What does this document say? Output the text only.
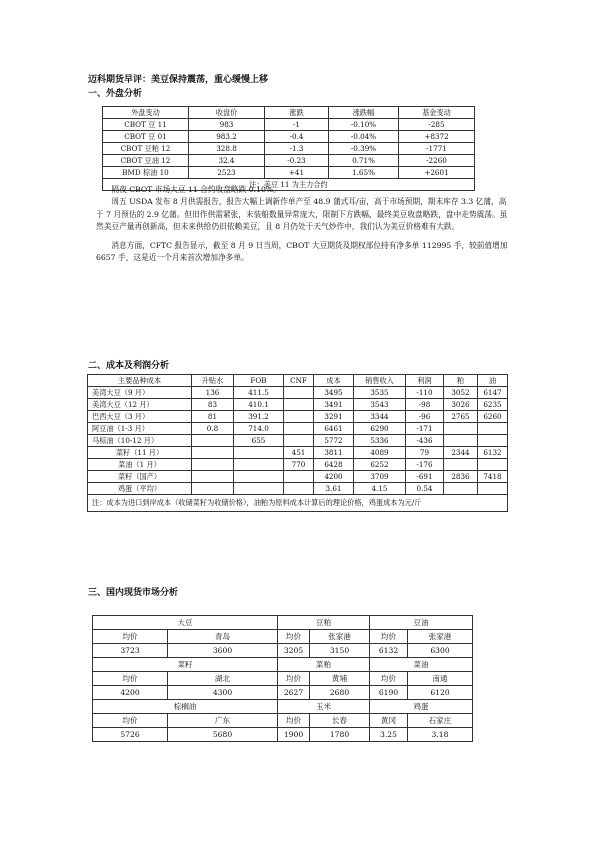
迈科期货早评：美豆保持震荡，重心缓慢上移
一、外盘分析
外盘变动	收盘价	涨跌	涨跌幅	基金变动
CBOT 豆 11	983	-1	-0.10%	-285
CBOT 豆 01	983.2	-0.4	-0.04%	+8372
CBOT 豆粕 12	328.8	-1.3	-0.39%	-1771
CBOT 豆油 12	32.4	-0.23	0.71%	-2260
BMD 棕油 10	2523	+41	1.65%	+2601
注：美豆 11 为主力合约				

隔夜 CBOT 市场大豆 11 合约收盘略跌 0.10%。

周五 USDA 发布 8 月供需报告，报告大幅上调新作单产至 48.9 蒲式耳/亩，高于市场预期，期末库存 3.3 亿蒲，高于 7 月预估的 2.9 亿蒲。但旧作供需紧张，未装船数量异常庞大，限制下方跌幅，最终美豆收盘略跌，盘中走势震荡。虽然美豆产量再创新高，但未来供给仍旧依赖美豆，且 8 月仍处于天气炒作中，我们认为美豆价格难有大跌。

消息方面，CFTC 报告显示，截至 8 月 9 日当周，CBOT 大豆期货及期权部位持有净多单 112995 手，较前值增加 6657 手，这是近一个月来首次增加净多单。

二、成本及利润分析
主要品种成本	升贴水	FOB	CNF	成本	销售收入	利润	粕	油
美湾大豆（9 月）	136	411.5		3495	3535	-110	3052	6147
美湾大豆（12 月）	83	410.1		3491	3543	-98	3026	6235
巴西大豆（3 月）	81	391.2		3291	3344	-96	2765	6260
阿豆油（1-3 月）	0.8	714.0		6461	6290	-171		
马棕油（10-12 月）		655		5772	5336	-436		
菜籽（11 月）			451	3811	4089	79	2344	6132
菜油（1 月）			770	6428	6252	-176		
菜籽（国产）				4200	3709	-691	2836	7418
鸡蛋（平均）				3.61	4.15	0.54		
注：成本为进口到岸成本（收储菜籽为收储价格），油粕为原料成本计算后的理论价格，鸡蛋成本为元/斤								
三、国内现货市场分析
大豆		豆粕		豆油	
均价	青岛	均价	张家港	均价	张家港
3723	3600	3205	3150	6132	6300
菜籽		菜粕		菜油	
均价	湖北	均价	黄埔	均价	南通
4200	4300	2627	2680	6190	6120
棕榈油		玉米		鸡蛋	
均价	广东	均价	长春	黄冈	石家庄
5726	5680	1900	1780	3.25	3.18
